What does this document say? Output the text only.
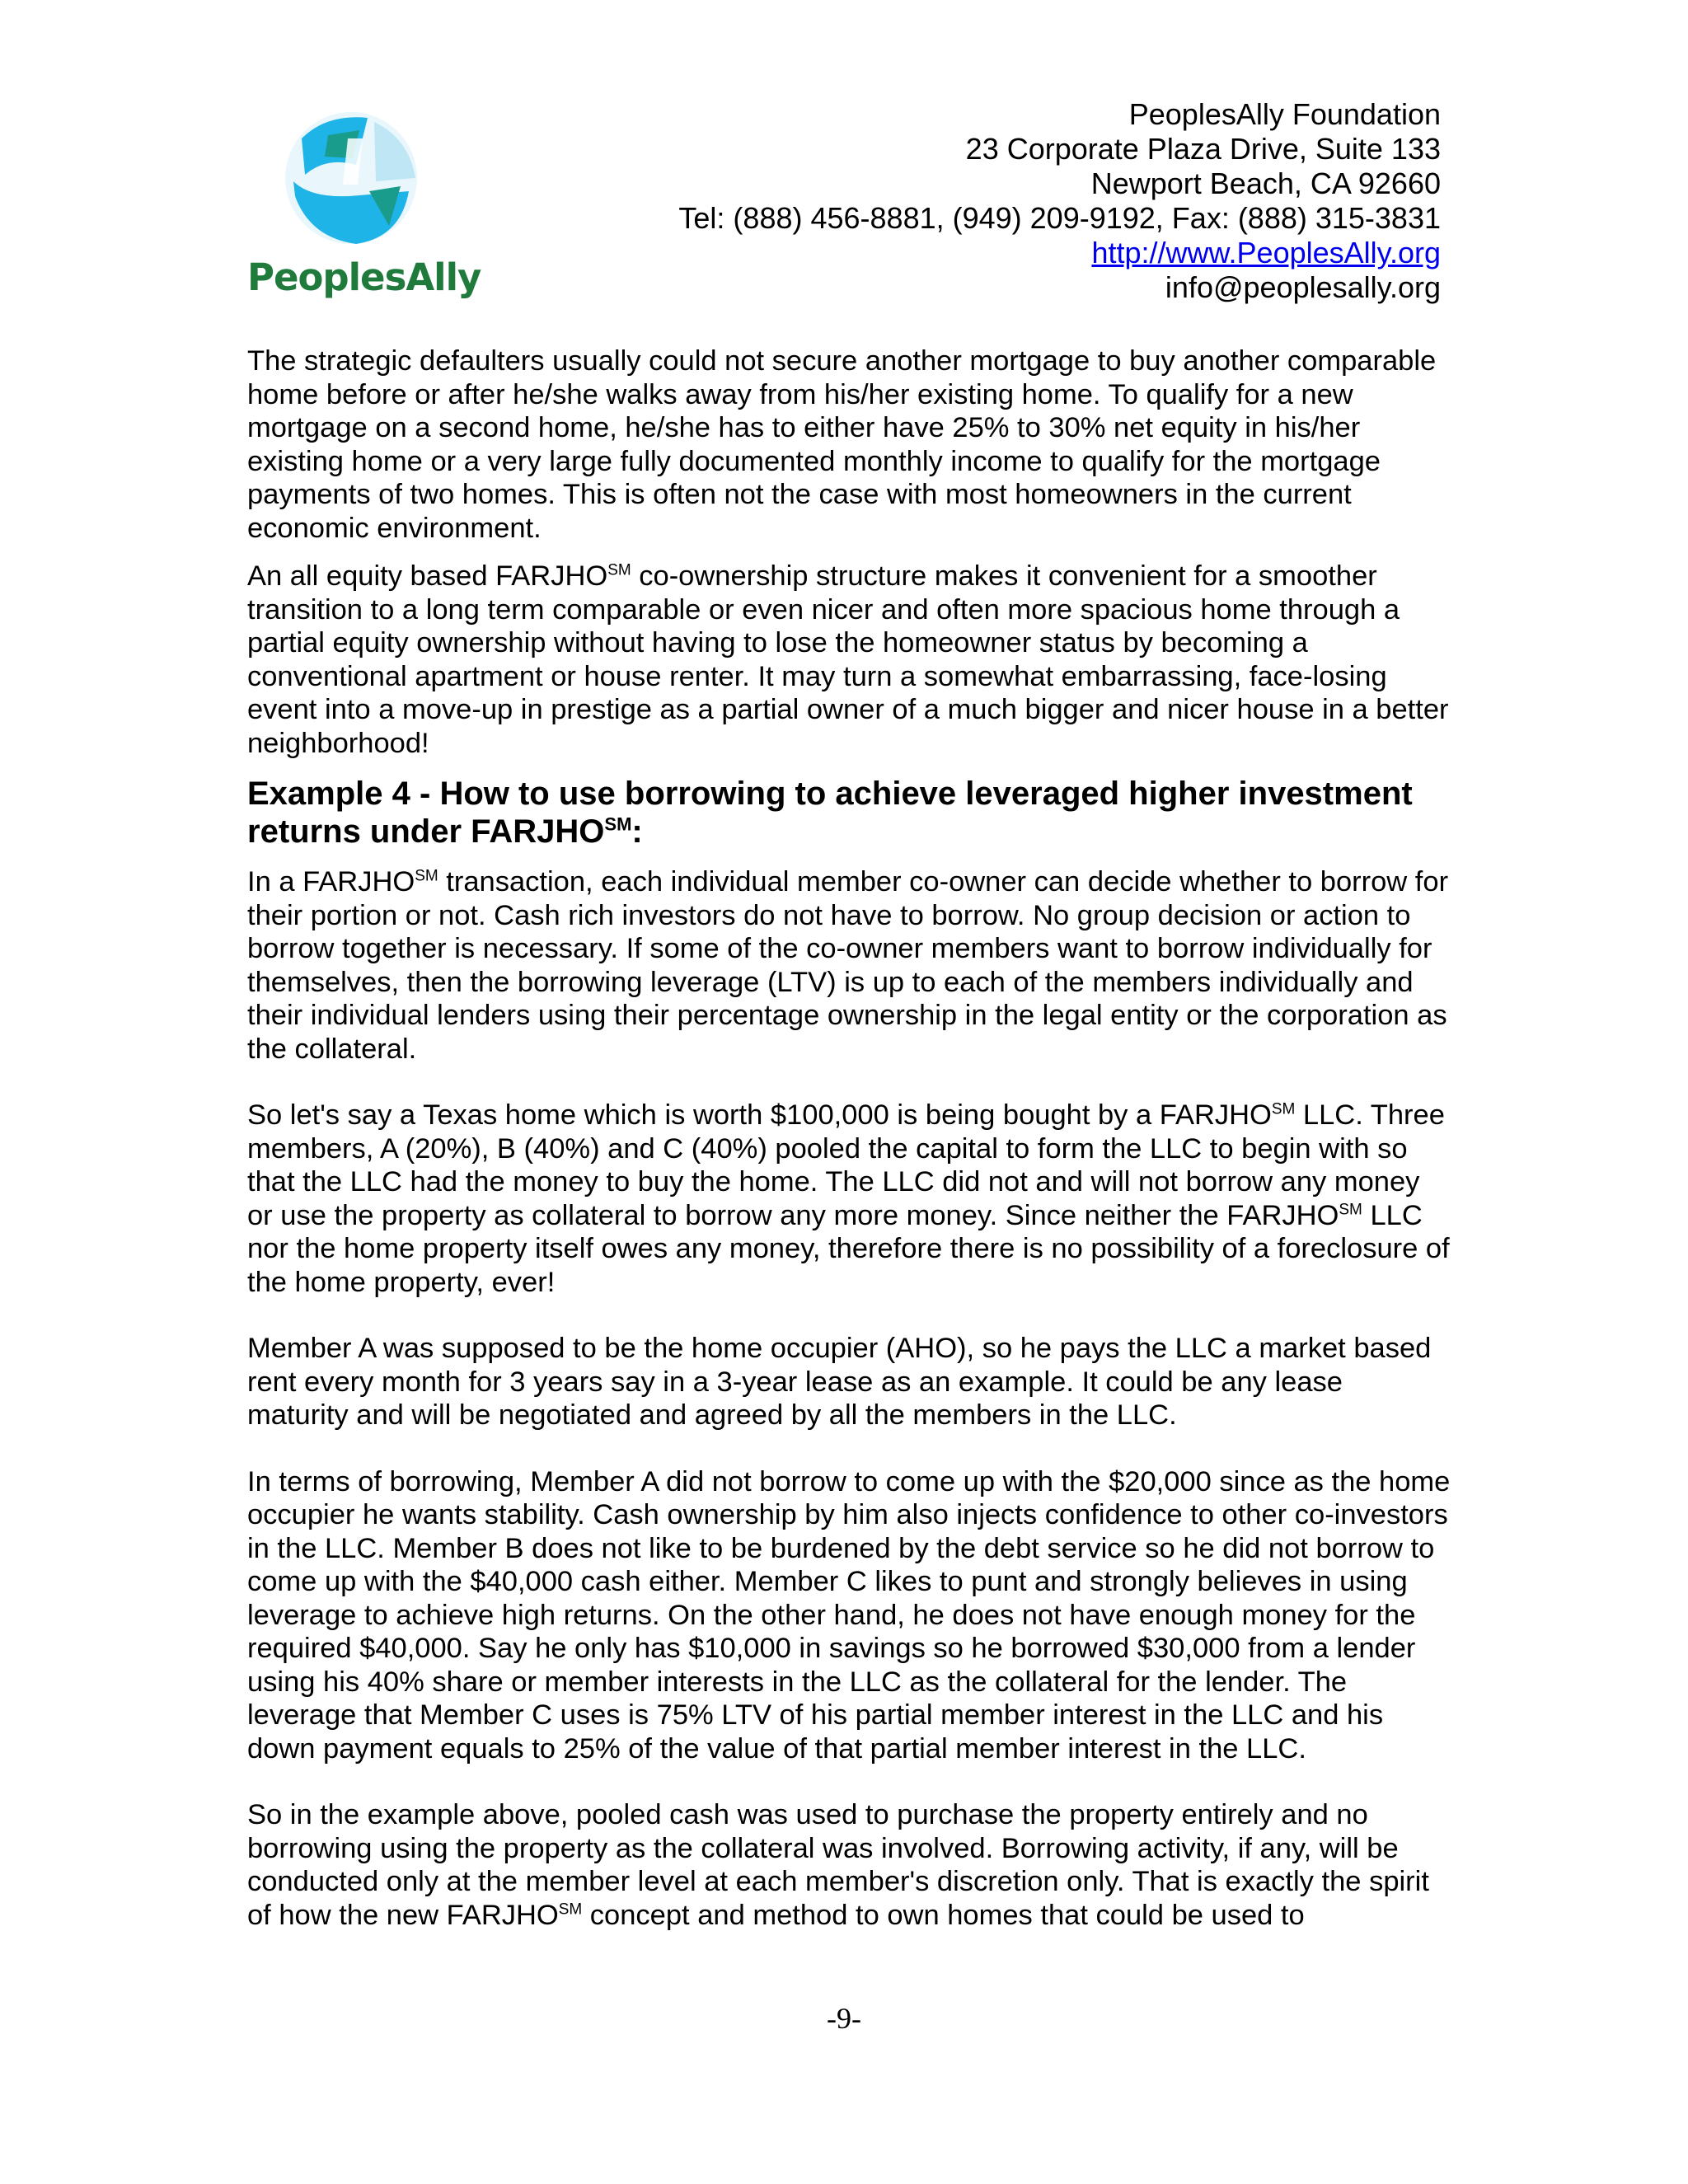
PeoplesAlly
PeoplesAlly Foundation
23 Corporate Plaza Drive, Suite 133
Newport Beach, CA 92660
Tel: (888) 456-8881, (949) 209-9192, Fax: (888) 315-3831
http://www.PeoplesAlly.org
info@peoplesally.org

The strategic defaulters usually could not secure another mortgage to buy another comparable home before or after he/she walks away from his/her existing home. To qualify for a new mortgage on a second home, he/she has to either have 25% to 30% net equity in his/her existing home or a very large fully documented monthly income to qualify for the mortgage payments of two homes. This is often not the case with most homeowners in the current economic environment.

An all equity based FARJHO℠ co-ownership structure makes it convenient for a smoother transition to a long term comparable or even nicer and often more spacious home through a partial equity ownership without having to lose the homeowner status by becoming a conventional apartment or house renter. It may turn a somewhat embarrassing, face-losing event into a move-up in prestige as a partial owner of a much bigger and nicer house in a better neighborhood!

Example 4 - How to use borrowing to achieve leveraged higher investment returns under FARJHO℠:

In a FARJHO℠ transaction, each individual member co-owner can decide whether to borrow for their portion or not. Cash rich investors do not have to borrow. No group decision or action to borrow together is necessary. If some of the co-owner members want to borrow individually for themselves, then the borrowing leverage (LTV) is up to each of the members individually and their individual lenders using their percentage ownership in the legal entity or the corporation as the collateral.

So let's say a Texas home which is worth $100,000 is being bought by a FARJHO℠ LLC. Three members, A (20%), B (40%) and C (40%) pooled the capital to form the LLC to begin with so that the LLC had the money to buy the home. The LLC did not and will not borrow any money or use the property as collateral to borrow any more money. Since neither the FARJHO℠ LLC nor the home property itself owes any money, therefore there is no possibility of a foreclosure of the home property, ever!

Member A was supposed to be the home occupier (AHO), so he pays the LLC a market based rent every month for 3 years say in a 3-year lease as an example. It could be any lease maturity and will be negotiated and agreed by all the members in the LLC.

In terms of borrowing, Member A did not borrow to come up with the $20,000 since as the home occupier he wants stability. Cash ownership by him also injects confidence to other co-investors in the LLC. Member B does not like to be burdened by the debt service so he did not borrow to come up with the $40,000 cash either. Member C likes to punt and strongly believes in using leverage to achieve high returns. On the other hand, he does not have enough money for the required $40,000. Say he only has $10,000 in savings so he borrowed $30,000 from a lender using his 40% share or member interests in the LLC as the collateral for the lender. The leverage that Member C uses is 75% LTV of his partial member interest in the LLC and his down payment equals to 25% of the value of that partial member interest in the LLC.

So in the example above, pooled cash was used to purchase the property entirely and no borrowing using the property as the collateral was involved. Borrowing activity, if any, will be conducted only at the member level at each member's discretion only. That is exactly the spirit of how the new FARJHO℠ concept and method to own homes that could be used to

-9-
